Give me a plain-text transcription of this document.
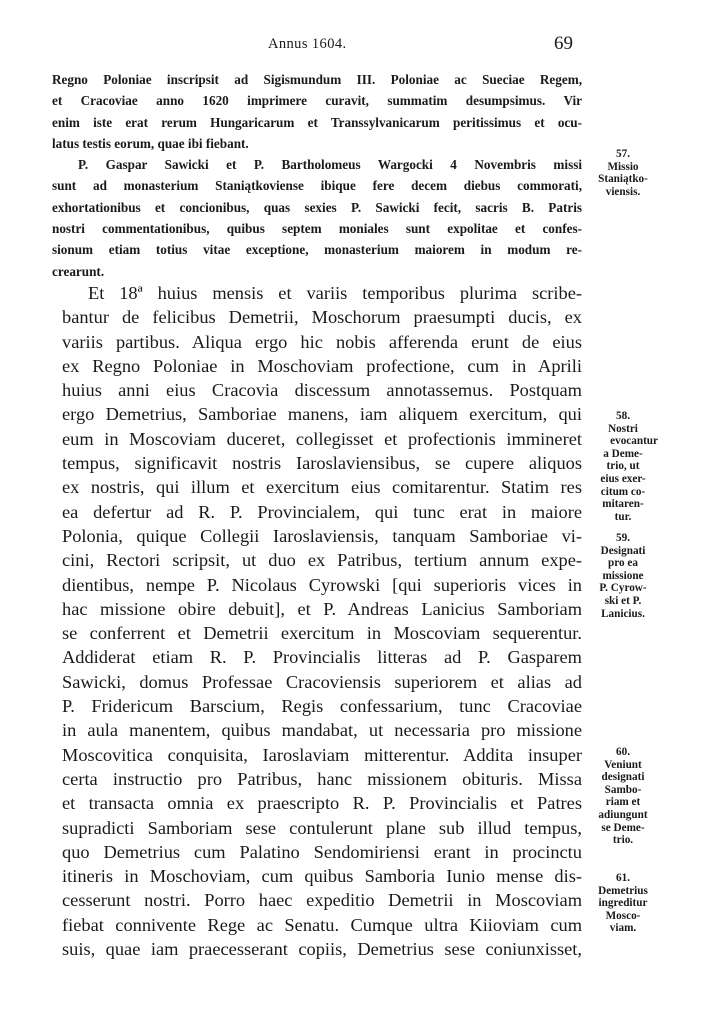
Annus 1604.	69
Regno Poloniae inscripsit ad Sigismundum III. Poloniae ac Sueciae Regem,
et Cracoviae anno 1620 imprimere curavit, summatim desumpsimus. Vir
enim iste erat rerum Hungaricarum et Transsylvanicarum peritissimus et ocu-
latus testis eorum, quae ibi fiebant.
P. Gaspar Sawicki et P. Bartholomeus Wargocki 4 Novembris missi
sunt ad monasterium Staniątkoviense ibique fere decem diebus commorati,
exhortationibus et concionibus, quas sexies P. Sawicki fecit, sacris B. Patris
nostri commentationibus, quibus septem moniales sunt expolitae et confes-
sionum etiam totius vitae exceptione, monasterium maiorem in modum re-
crearunt.
Et 18ª huius mensis et variis temporibus plurima scribe-
bantur de felicibus Demetrii, Moschorum praesumpti ducis, ex
variis partibus. Aliqua ergo hic nobis afferenda erunt de eius
ex Regno Poloniae in Moschoviam profectione, cum in Aprili
huius anni eius Cracovia discessum annotassemus. Postquam
ergo Demetrius, Samboriae manens, iam aliquem exercitum, qui
eum in Moscoviam duceret, collegisset et profectionis immineret
tempus, significavit nostris Iaroslaviensibus, se cupere aliquos
ex nostris, qui illum et exercitum eius comitarentur. Statim res
ea defertur ad R. P. Provincialem, qui tunc erat in maiore
Polonia, quique Collegii Iaroslaviensis, tanquam Samboriae vi-
cini, Rectori scripsit, ut duo ex Patribus, tertium annum expe-
dientibus, nempe P. Nicolaus Cyrowski [qui superioris vices in
hac missione obire debuit], et P. Andreas Lanicius Samboriam
se conferrent et Demetrii exercitum in Moscoviam sequerentur.
Addiderat etiam R. P. Provincialis litteras ad P. Gasparem
Sawicki, domus Professae Cracoviensis superiorem et alias ad
P. Fridericum Barscium, Regis confessarium, tunc Cracoviae
in aula manentem, quibus mandabat, ut necessaria pro missione
Moscovitica conquisita, Iaroslaviam mitterentur. Addita insuper
certa instructio pro Patribus, hanc missionem obituris. Missa
et transacta omnia ex praescripto R. P. Provincialis et Patres
supradicti Samboriam sese contulerunt plane sub illud tempus,
quo Demetrius cum Palatino Sendomiriensi erant in procinctu
itineris in Moschoviam, cum quibus Samboria Iunio mense dis-
cesserunt nostri. Porro haec expeditio Demetrii in Moscoviam
fiebat connivente Rege ac Senatu. Cumque ultra Kiioviam cum
suis, quae iam praecesserant copiis, Demetrius sese coniunxisset,
57.
Missio
Staniątko-
viensis.
58.
Nostri
evocantur
a Deme-
trio, ut
eius exer-
citum co-
mitaren-
tur.
59.
Designati
pro ea
missione
P. Cyrow-
ski et P.
Lanicius.
60.
Veniunt
designati
Sambo-
riam et
adiungunt
se Deme-
trio.
61.
Demetrius
ingreditur
Mosco-
viam.
